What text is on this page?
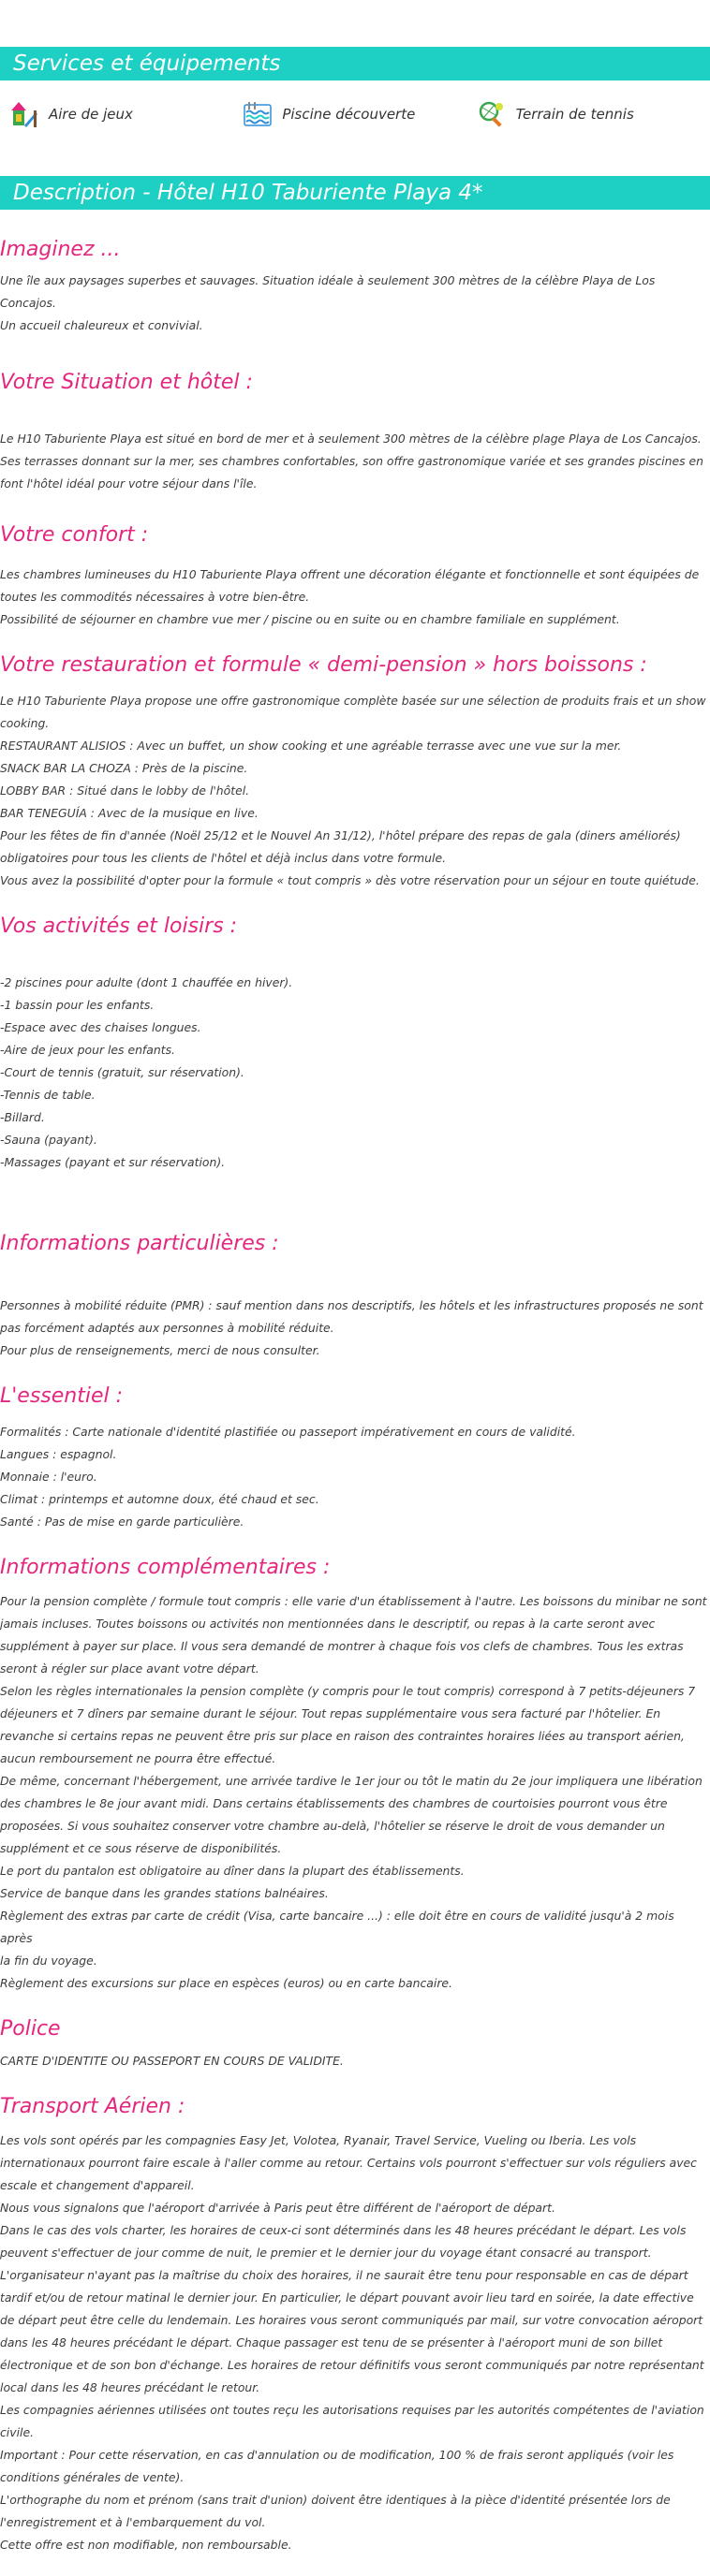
Services et équipements
Aire de jeux	Piscine découverte	Terrain de tennis
Description - Hôtel H10 Taburiente Playa 4*
Imaginez ...

Une île aux paysages superbes et sauvages. Situation idéale à seulement 300 mètres de la célèbre Playa de Los Concajos.

Un accueil chaleureux et convivial.

Votre Situation et hôtel :

Le H10 Taburiente Playa est situé en bord de mer et à seulement 300 mètres de la célèbre plage Playa de Los Cancajos.

Ses terrasses donnant sur la mer, ses chambres confortables, son offre gastronomique variée et ses grandes piscines en

font l'hôtel idéal pour votre séjour dans l'île.

Votre confort :

Les chambres lumineuses du H10 Taburiente Playa offrent une décoration élégante et fonctionnelle et sont équipées de

toutes les commodités nécessaires à votre bien-être.

Possibilité de séjourner en chambre vue mer / piscine ou en suite ou en chambre familiale en supplément.

Votre restauration et formule « demi-pension » hors boissons :

Le H10 Taburiente Playa propose une offre gastronomique complète basée sur une sélection de produits frais et un show

cooking.

RESTAURANT ALISIOS : Avec un buffet, un show cooking et une agréable terrasse avec une vue sur la mer.

SNACK BAR LA CHOZA : Près de la piscine.

LOBBY BAR : Situé dans le lobby de l'hôtel.

BAR TENEGUÍA : Avec de la musique en live.

Pour les fêtes de fin d'année (Noël 25/12 et le Nouvel An 31/12), l'hôtel prépare des repas de gala (diners améliorés)

obligatoires pour tous les clients de l'hôtel et déjà inclus dans votre formule.

Vous avez la possibilité d'opter pour la formule « tout compris » dès votre réservation pour un séjour en toute quiétude.

Vos activités et loisirs :

-2 piscines pour adulte (dont 1 chauffée en hiver).

-1 bassin pour les enfants.

-Espace avec des chaises longues.

-Aire de jeux pour les enfants.

-Court de tennis (gratuit, sur réservation).

-Tennis de table.

-Billard.

-Sauna (payant).

-Massages (payant et sur réservation).

Informations particulières :

Personnes à mobilité réduite (PMR) : sauf mention dans nos descriptifs, les hôtels et les infrastructures proposés ne sont

pas forcément adaptés aux personnes à mobilité réduite.

Pour plus de renseignements, merci de nous consulter.

L'essentiel :

Formalités : Carte nationale d'identité plastifiée ou passeport impérativement en cours de validité.

Langues : espagnol.

Monnaie : l'euro.

Climat : printemps et automne doux, été chaud et sec.

Santé : Pas de mise en garde particulière.

Informations complémentaires :

Pour la pension complète / formule tout compris : elle varie d'un établissement à l'autre. Les boissons du minibar ne sont

jamais incluses. Toutes boissons ou activités non mentionnées dans le descriptif, ou repas à la carte seront avec

supplément à payer sur place. Il vous sera demandé de montrer à chaque fois vos clefs de chambres. Tous les extras

seront à régler sur place avant votre départ.

Selon les règles internationales la pension complète (y compris pour le tout compris) correspond à 7 petits-déjeuners 7

déjeuners et 7 dîners par semaine durant le séjour. Tout repas supplémentaire vous sera facturé par l'hôtelier. En

revanche si certains repas ne peuvent être pris sur place en raison des contraintes horaires liées au transport aérien,

aucun remboursement ne pourra être effectué.

De même, concernant l'hébergement, une arrivée tardive le 1er jour ou tôt le matin du 2e jour impliquera une libération

des chambres le 8e jour avant midi. Dans certains établissements des chambres de courtoisies pourront vous être

proposées. Si vous souhaitez conserver votre chambre au-delà, l'hôtelier se réserve le droit de vous demander un

supplément et ce sous réserve de disponibilités.

Le port du pantalon est obligatoire au dîner dans la plupart des établissements.

Service de banque dans les grandes stations balnéaires.

Règlement des extras par carte de crédit (Visa, carte bancaire ...) : elle doit être en cours de validité jusqu'à 2 mois après

la fin du voyage.

Règlement des excursions sur place en espèces (euros) ou en carte bancaire.

Police

CARTE D'IDENTITE OU PASSEPORT EN COURS DE VALIDITE.

Transport Aérien :

Les vols sont opérés par les compagnies Easy Jet, Volotea, Ryanair, Travel Service, Vueling ou Iberia. Les vols

internationaux pourront faire escale à l'aller comme au retour. Certains vols pourront s'effectuer sur vols réguliers avec

escale et changement d'appareil.

Nous vous signalons que l'aéroport d'arrivée à Paris peut être différent de l'aéroport de départ.

Dans le cas des vols charter, les horaires de ceux-ci sont déterminés dans les 48 heures précédant le départ. Les vols

peuvent s'effectuer de jour comme de nuit, le premier et le dernier jour du voyage étant consacré au transport.

L'organisateur n'ayant pas la maîtrise du choix des horaires, il ne saurait être tenu pour responsable en cas de départ

tardif et/ou de retour matinal le dernier jour. En particulier, le départ pouvant avoir lieu tard en soirée, la date effective

de départ peut être celle du lendemain. Les horaires vous seront communiqués par mail, sur votre convocation aéroport

dans les 48 heures précédant le départ. Chaque passager est tenu de se présenter à l'aéroport muni de son billet

électronique et de son bon d'échange. Les horaires de retour définitifs vous seront communiqués par notre représentant

local dans les 48 heures précédant le retour.

Les compagnies aériennes utilisées ont toutes reçu les autorisations requises par les autorités compétentes de l'aviation

civile.

Important : Pour cette réservation, en cas d'annulation ou de modification, 100 % de frais seront appliqués (voir les

conditions générales de vente).

L'orthographe du nom et prénom (sans trait d'union) doivent être identiques à la pièce d'identité présentée lors de

l'enregistrement et à l'embarquement du vol.

Cette offre est non modifiable, non remboursable.
